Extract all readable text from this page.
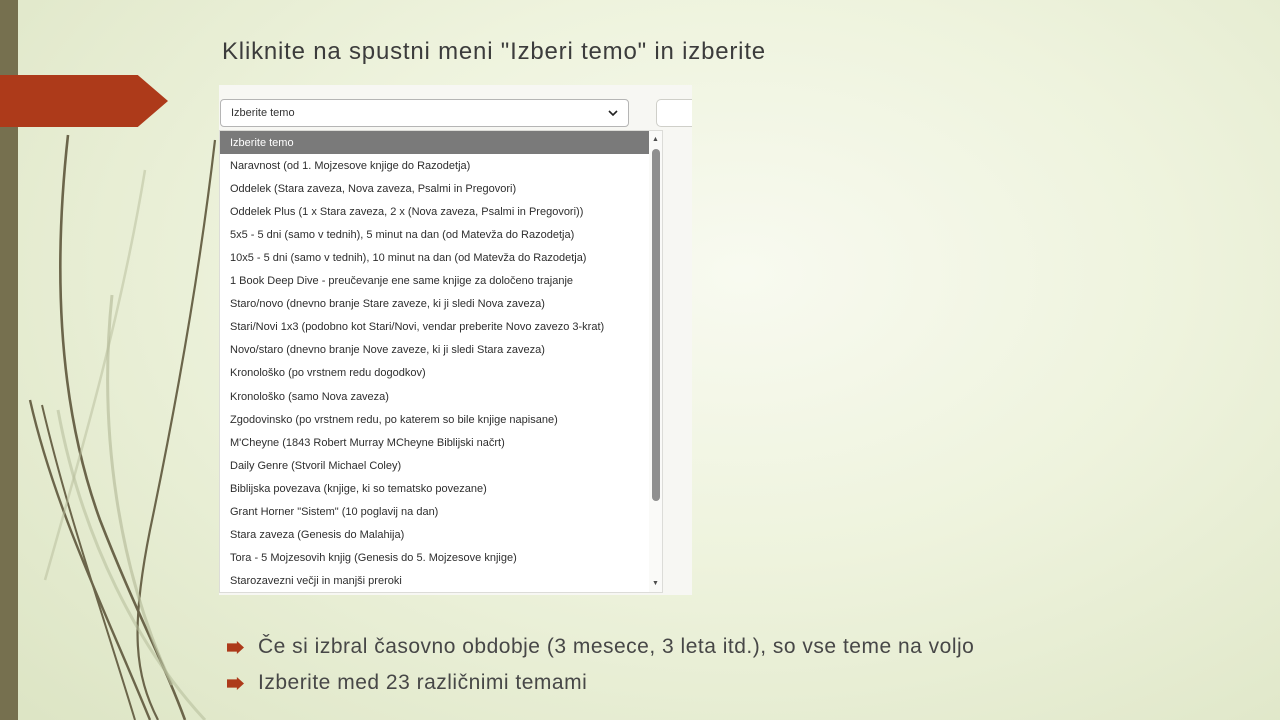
Kliknite na spustni meni "Izberi temo" in izberite
Izberite temo
Izberite temo
Naravnost (od 1. Mojzesove knjige do Razodetja)
Oddelek (Stara zaveza, Nova zaveza, Psalmi in Pregovori)
Oddelek Plus (1 x Stara zaveza, 2 x (Nova zaveza, Psalmi in Pregovori))
5x5 - 5 dni (samo v tednih), 5 minut na dan (od Matevža do Razodetja)
10x5 - 5 dni (samo v tednih), 10 minut na dan (od Matevža do Razodetja)
1 Book Deep Dive - preučevanje ene same knjige za določeno trajanje
Staro/novo (dnevno branje Stare zaveze, ki ji sledi Nova zaveza)
Stari/Novi 1x3 (podobno kot Stari/Novi, vendar preberite Novo zavezo 3-krat)
Novo/staro (dnevno branje Nove zaveze, ki ji sledi Stara zaveza)
Kronološko (po vrstnem redu dogodkov)
Kronološko (samo Nova zaveza)
Zgodovinsko (po vrstnem redu, po katerem so bile knjige napisane)
M'Cheyne (1843 Robert Murray MCheyne Biblijski načrt)
Daily Genre (Stvoril Michael Coley)
Biblijska povezava (knjige, ki so tematsko povezane)
Grant Horner "Sistem" (10 poglavij na dan)
Stara zaveza (Genesis do Malahija)
Tora - 5 Mojzesovih knjig (Genesis do 5. Mojzesove knjige)
Starozavezni večji in manjši preroki
▲
▼
Če si izbral časovno obdobje (3 mesece, 3 leta itd.), so vse teme na voljo
Izberite med 23 različnimi temami
